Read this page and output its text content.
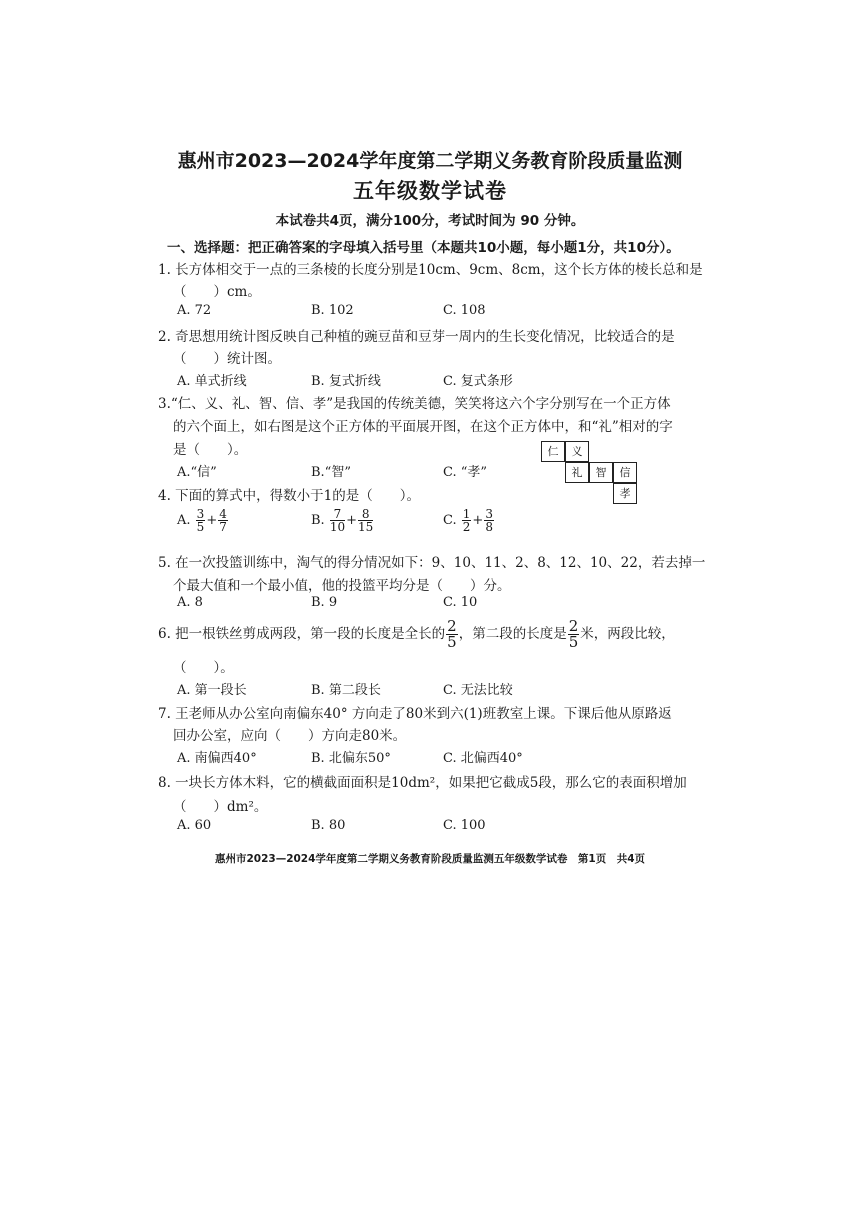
惠州市2023—2024学年度第二学期义务教育阶段质量监测
五年级数学试卷
本试卷共4页，满分100分，考试时间为 90 分钟。
一、选择题：把正确答案的字母填入括号里（本题共10小题，每小题1分，共10分）。
1. 长方体相交于一点的三条棱的长度分别是10cm、9cm、8cm，这个长方体的棱长总和是
（　　）cm。
A. 72	B. 102	C. 108
2. 奇思想用统计图反映自己种植的豌豆苗和豆芽一周内的生长变化情况，比较适合的是
（　　）统计图。
A. 单式折线	B. 复式折线	C. 复式条形
3.“仁、义、礼、智、信、孝”是我国的传统美德，笑笑将这六个字分别写在一个正方体
的六个面上，如右图是这个正方体的平面展开图，在这个正方体中，和“礼”相对的字
是（　　）。
A.“信”	B.“智”	C. “孝”
仁	义
礼	智	信
孝
4. 下面的算式中，得数小于1的是（　　）。
A. $\frac{3}{5} + \frac{4}{7}$	B. $\frac{7}{10} + \frac{8}{15}$	C. $\frac{1}{2} + \frac{3}{8}$
5. 在一次投篮训练中，淘气的得分情况如下：9、10、11、2、8、12、10、22，若去掉一
个最大值和一个最小值，他的投篮平均分是（　　）分。
A. 8	B. 9	C. 10
6. 把一根铁丝剪成两段，第一段的长度是全长的 $\frac{2}{5}$ ，第二段的长度是 $\frac{2}{5}$ 米，两段比较，
（　　）。
A. 第一段长	B. 第二段长	C. 无法比较
7. 王老师从办公室向南偏东40° 方向走了80米到六(1)班教室上课。下课后他从原路返
回办公室，应向（　　）方向走80米。
A. 南偏西40°	B. 北偏东50°	C. 北偏西40°
8. 一块长方体木料，它的横截面面积是10dm²，如果把它截成5段，那么它的表面积增加
（　　）dm²。
A. 60	B. 80	C. 100
惠州市2023—2024学年度第二学期义务教育阶段质量监测五年级数学试卷　第1页　共4页
